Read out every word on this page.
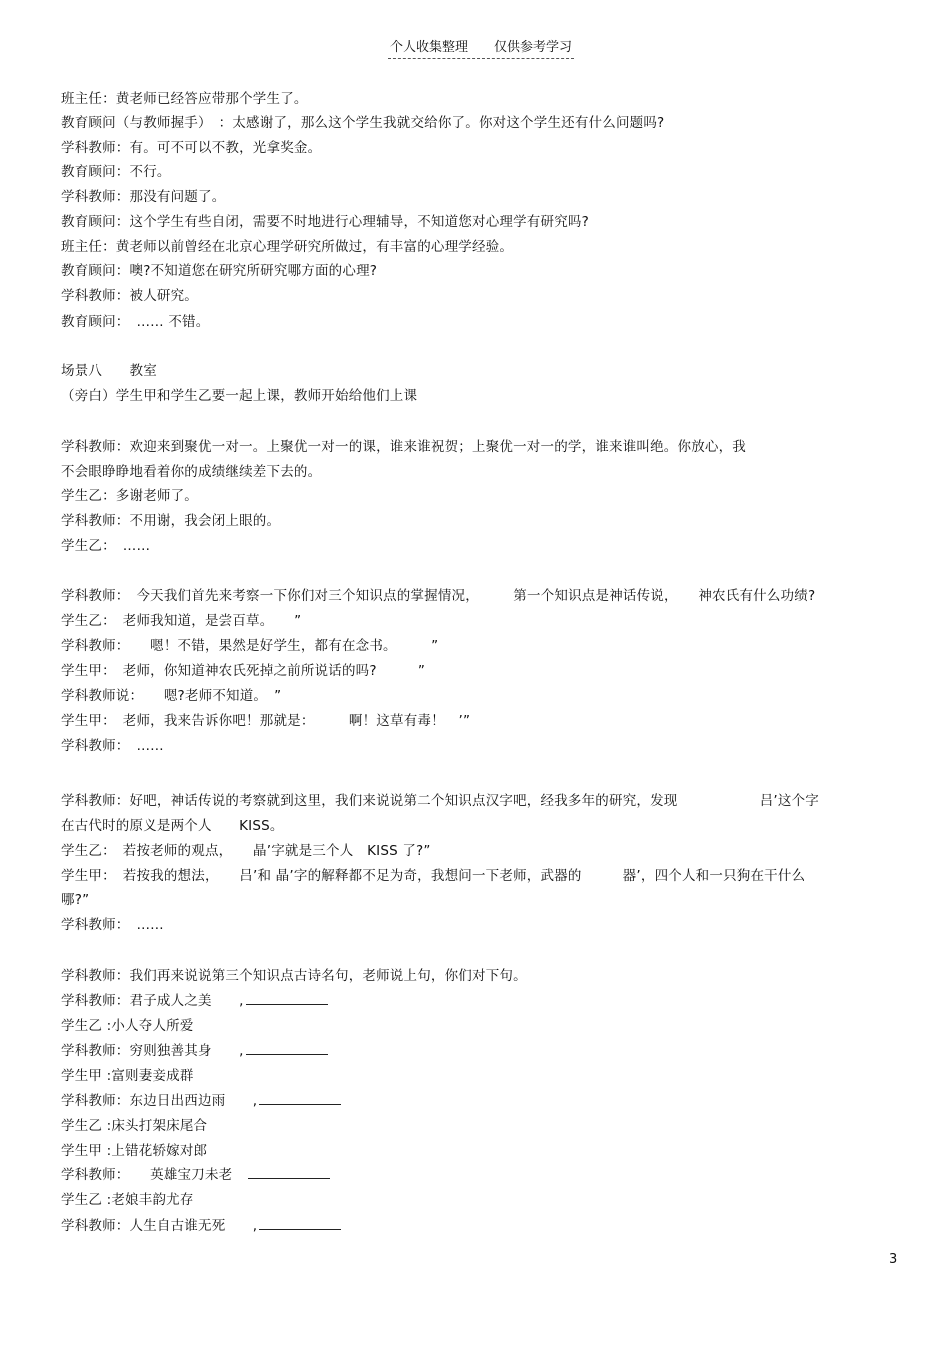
个人收集整理　　仅供参考学习
班主任：黄老师已经答应带那个学生了。
教育顾问（与教师握手）　：太感谢了，那么这个学生我就交给你了。你对这个学生还有什么问题吗?
学科教师：有。可不可以不教，光拿奖金。
教育顾问：不行。
学科教师：那没有问题了。
教育顾问：这个学生有些自闭，需要不时地进行心理辅导，不知道您对心理学有研究吗?
班主任：黄老师以前曾经在北京心理学研究所做过，有丰富的心理学经验。
教育顾问：噢?不知道您在研究所研究哪方面的心理?
学科教师：被人研究。
教育顾问：　…… 不错。
场景八　　教室
（旁白）学生甲和学生乙要一起上课，教师开始给他们上课
学科教师：欢迎来到聚优一对一。上聚优一对一的课，谁来谁祝贺；上聚优一对一的学，谁来谁叫绝。你放心，我
不会眼睁睁地看着你的成绩继续差下去的。
学生乙：多谢老师了。
学科教师：不用谢，我会闭上眼的。
学生乙：　……
学科教师：　今天我们首先来考察一下你们对三个知识点的掌握情况，　　　第一个知识点是神话传说，　　神农氏有什么功绩?
学生乙：　老师我知道，是尝百草。　　”
学科教师：　　嗯！不错，果然是好学生，都有在念书。　　　”
学生甲：　老师，你知道神农氏死掉之前所说话的吗?　　　”
学科教师说：　　嗯?老师不知道。　”
学生甲：　老师，我来告诉你吧！那就是：　　　啊！这草有毒！　’”
学科教师：　……
学科教师：好吧，神话传说的考察就到这里，我们来说说第二个知识点汉字吧，经我多年的研究，发现　　　　　　吕’这个字
在古代时的原义是两个人　　KISS。
学生乙：　若按老师的观点，　　晶’字就是三个人　KISS 了?”
学生甲：　若按我的想法，　　吕’和 晶’字的解释都不足为奇，我想问一下老师，武器的　　　器’，四个人和一只狗在干什么
哪?”
学科教师：　……
学科教师：我们再来说说第三个知识点古诗名句，老师说上句，你们对下句。
学科教师：君子成人之美　　,
学生乙 :小人夺人所爱
学科教师：穷则独善其身　　,
学生甲 :富则妻妾成群
学科教师：东边日出西边雨　　,
学生乙 :床头打架床尾合
学生甲 :上错花轿嫁对郎
学科教师：　　英雄宝刀未老　
学生乙 :老娘丰韵尤存
学科教师：人生自古谁无死　　,
3
